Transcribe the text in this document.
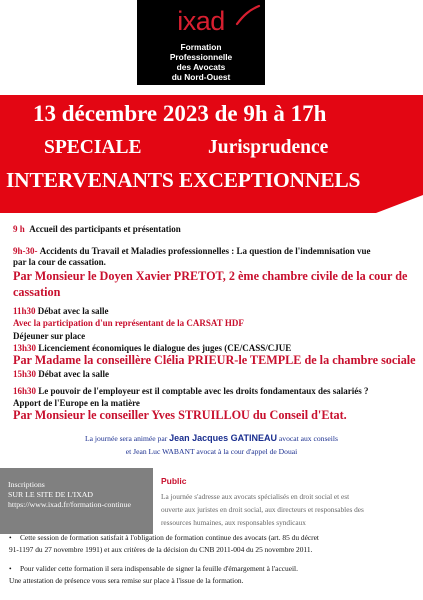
ixad
Formation
Professionnelle
des Avocats
du Nord-Ouest
13 décembre 2023 de 9h à 17h
SPECIALE	Jurisprudence
INTERVENANTS EXCEPTIONNELS
9 h Accueil des participants et présentation
9h-30- Accidents du Travail et Maladies professionnelles : La question de l'indemnisation vue
par la cour de cassation.
Par Monsieur le Doyen Xavier PRETOT, 2 ème chambre civile de la cour de
cassation
11h30 Débat avec la salle
Avec la participation d'un représentant de la CARSAT HDF
Déjeuner sur place
13h30 Licenciement économiques le dialogue des juges (CE/CASS/CJUE
Par Madame la conseillère Clélia PRIEUR-le TEMPLE de la chambre sociale
15h30 Débat avec la salle
16h30 Le pouvoir de l'employeur est il comptable avec les droits fondamentaux des salariés ?
Apport de l'Europe en la matière
Par Monsieur le conseiller Yves STRUILLOU du Conseil d'Etat.
La journée sera animée par Jean Jacques GATINEAU avocat aux conseils
et Jean Luc WABANT avocat à la cour d'appel de Douai
Inscriptions
SUR LE SITE DE L'IXAD
https://www.ixad.fr/formation-continue
Public
La journée s'adresse aux avocats spécialisés en droit social et est
ouverte aux juristes en droit social, aux directeurs et responsables des
ressources humaines, aux responsables syndicaux
• Cette session de formation satisfait à l'obligation de formation continue des avocats (art. 85 du décret
91-1197 du 27 novembre 1991) et aux critères de la décision du CNB 2011-004 du 25 novembre 2011.
• Pour valider cette formation il sera indispensable de signer la feuille d'émargement à l'accueil.
Une attestation de présence vous sera remise sur place à l'issue de la formation.
